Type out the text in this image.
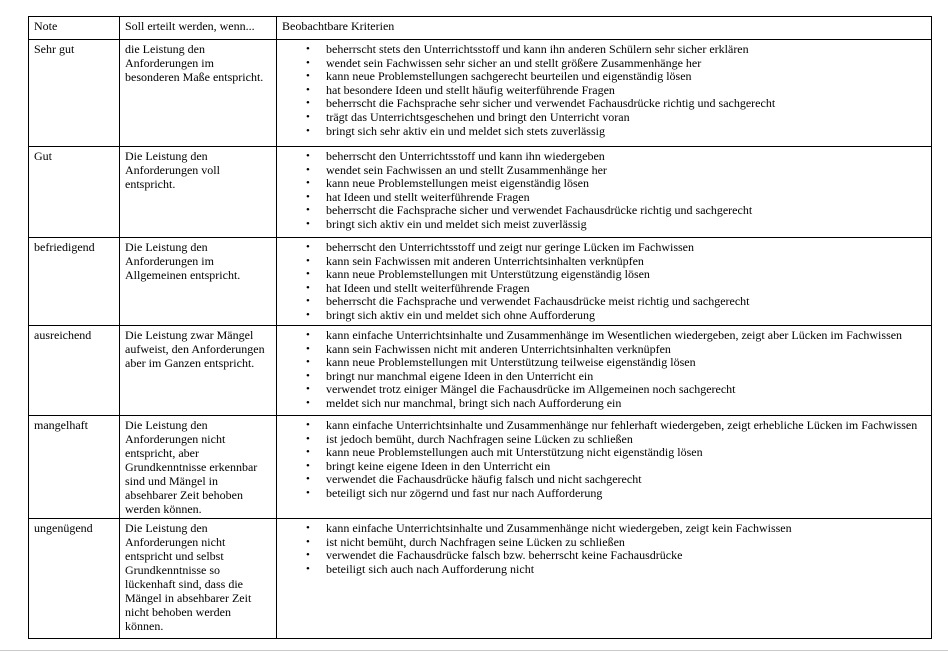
Note	Soll erteilt werden, wenn...	Beobachtbare Kriterien
Sehr gut	die Leistung den Anforderungen im besonderen Maße entspricht.	
• beherrscht stets den Unterrichtsstoff und kann ihn anderen Schülern sehr sicher erklären
• wendet sein Fachwissen sehr sicher an und stellt größere Zusammenhänge her
• kann neue Problemstellungen sachgerecht beurteilen und eigenständig lösen
• hat besondere Ideen und stellt häufig weiterführende Fragen
• beherrscht die Fachsprache sehr sicher und verwendet Fachausdrücke richtig und sachgerecht
• trägt das Unterrichtsgeschehen und bringt den Unterricht voran
• bringt sich sehr aktiv ein und meldet sich stets zuverlässig

Gut	Die Leistung den Anforderungen voll entspricht.	
• beherrscht den Unterrichtsstoff und kann ihn wiedergeben
• wendet sein Fachwissen an und stellt Zusammenhänge her
• kann neue Problemstellungen meist eigenständig lösen
• hat Ideen und stellt weiterführende Fragen
• beherrscht die Fachsprache sicher und verwendet Fachausdrücke richtig und sachgerecht
• bringt sich aktiv ein und meldet sich meist zuverlässig

befriedigend	Die Leistung den Anforderungen im Allgemeinen entspricht.	
• beherrscht den Unterrichtsstoff und zeigt nur geringe Lücken im Fachwissen
• kann sein Fachwissen mit anderen Unterrichtsinhalten verknüpfen
• kann neue Problemstellungen mit Unterstützung eigenständig lösen
• hat Ideen und stellt weiterführende Fragen
• beherrscht die Fachsprache und verwendet Fachausdrücke meist richtig und sachgerecht
• bringt sich aktiv ein und meldet sich ohne Aufforderung

ausreichend	Die Leistung zwar Mängel aufweist, den Anforderungen aber im Ganzen entspricht.	
• kann einfache Unterrichtsinhalte und Zusammenhänge im Wesentlichen wiedergeben, zeigt aber Lücken im Fachwissen
• kann sein Fachwissen nicht mit anderen Unterrichtsinhalten verknüpfen
• kann neue Problemstellungen mit Unterstützung teilweise eigenständig lösen
• bringt nur manchmal eigene Ideen in den Unterricht ein
• verwendet trotz einiger Mängel die Fachausdrücke im Allgemeinen noch sachgerecht
• meldet sich nur manchmal, bringt sich nach Aufforderung ein

mangelhaft	Die Leistung den Anforderungen nicht entspricht, aber Grundkenntnisse erkennbar sind und Mängel in absehbarer Zeit behoben werden können.	
• kann einfache Unterrichtsinhalte und Zusammenhänge nur fehlerhaft wiedergeben, zeigt erhebliche Lücken im Fachwissen
• ist jedoch bemüht, durch Nachfragen seine Lücken zu schließen
• kann neue Problemstellungen auch mit Unterstützung nicht eigenständig lösen
• bringt keine eigene Ideen in den Unterricht ein
• verwendet die Fachausdrücke häufig falsch und nicht sachgerecht
• beteiligt sich nur zögernd und fast nur nach Aufforderung

ungenügend	Die Leistung den Anforderungen nicht entspricht und selbst Grundkenntnisse so lückenhaft sind, dass die Mängel in absehbarer Zeit nicht behoben werden können.	
• kann einfache Unterrichtsinhalte und Zusammenhänge nicht wiedergeben, zeigt kein Fachwissen
• ist nicht bemüht, durch Nachfragen seine Lücken zu schließen
• verwendet die Fachausdrücke falsch bzw. beherrscht keine Fachausdrücke
• beteiligt sich auch nach Aufforderung nicht
